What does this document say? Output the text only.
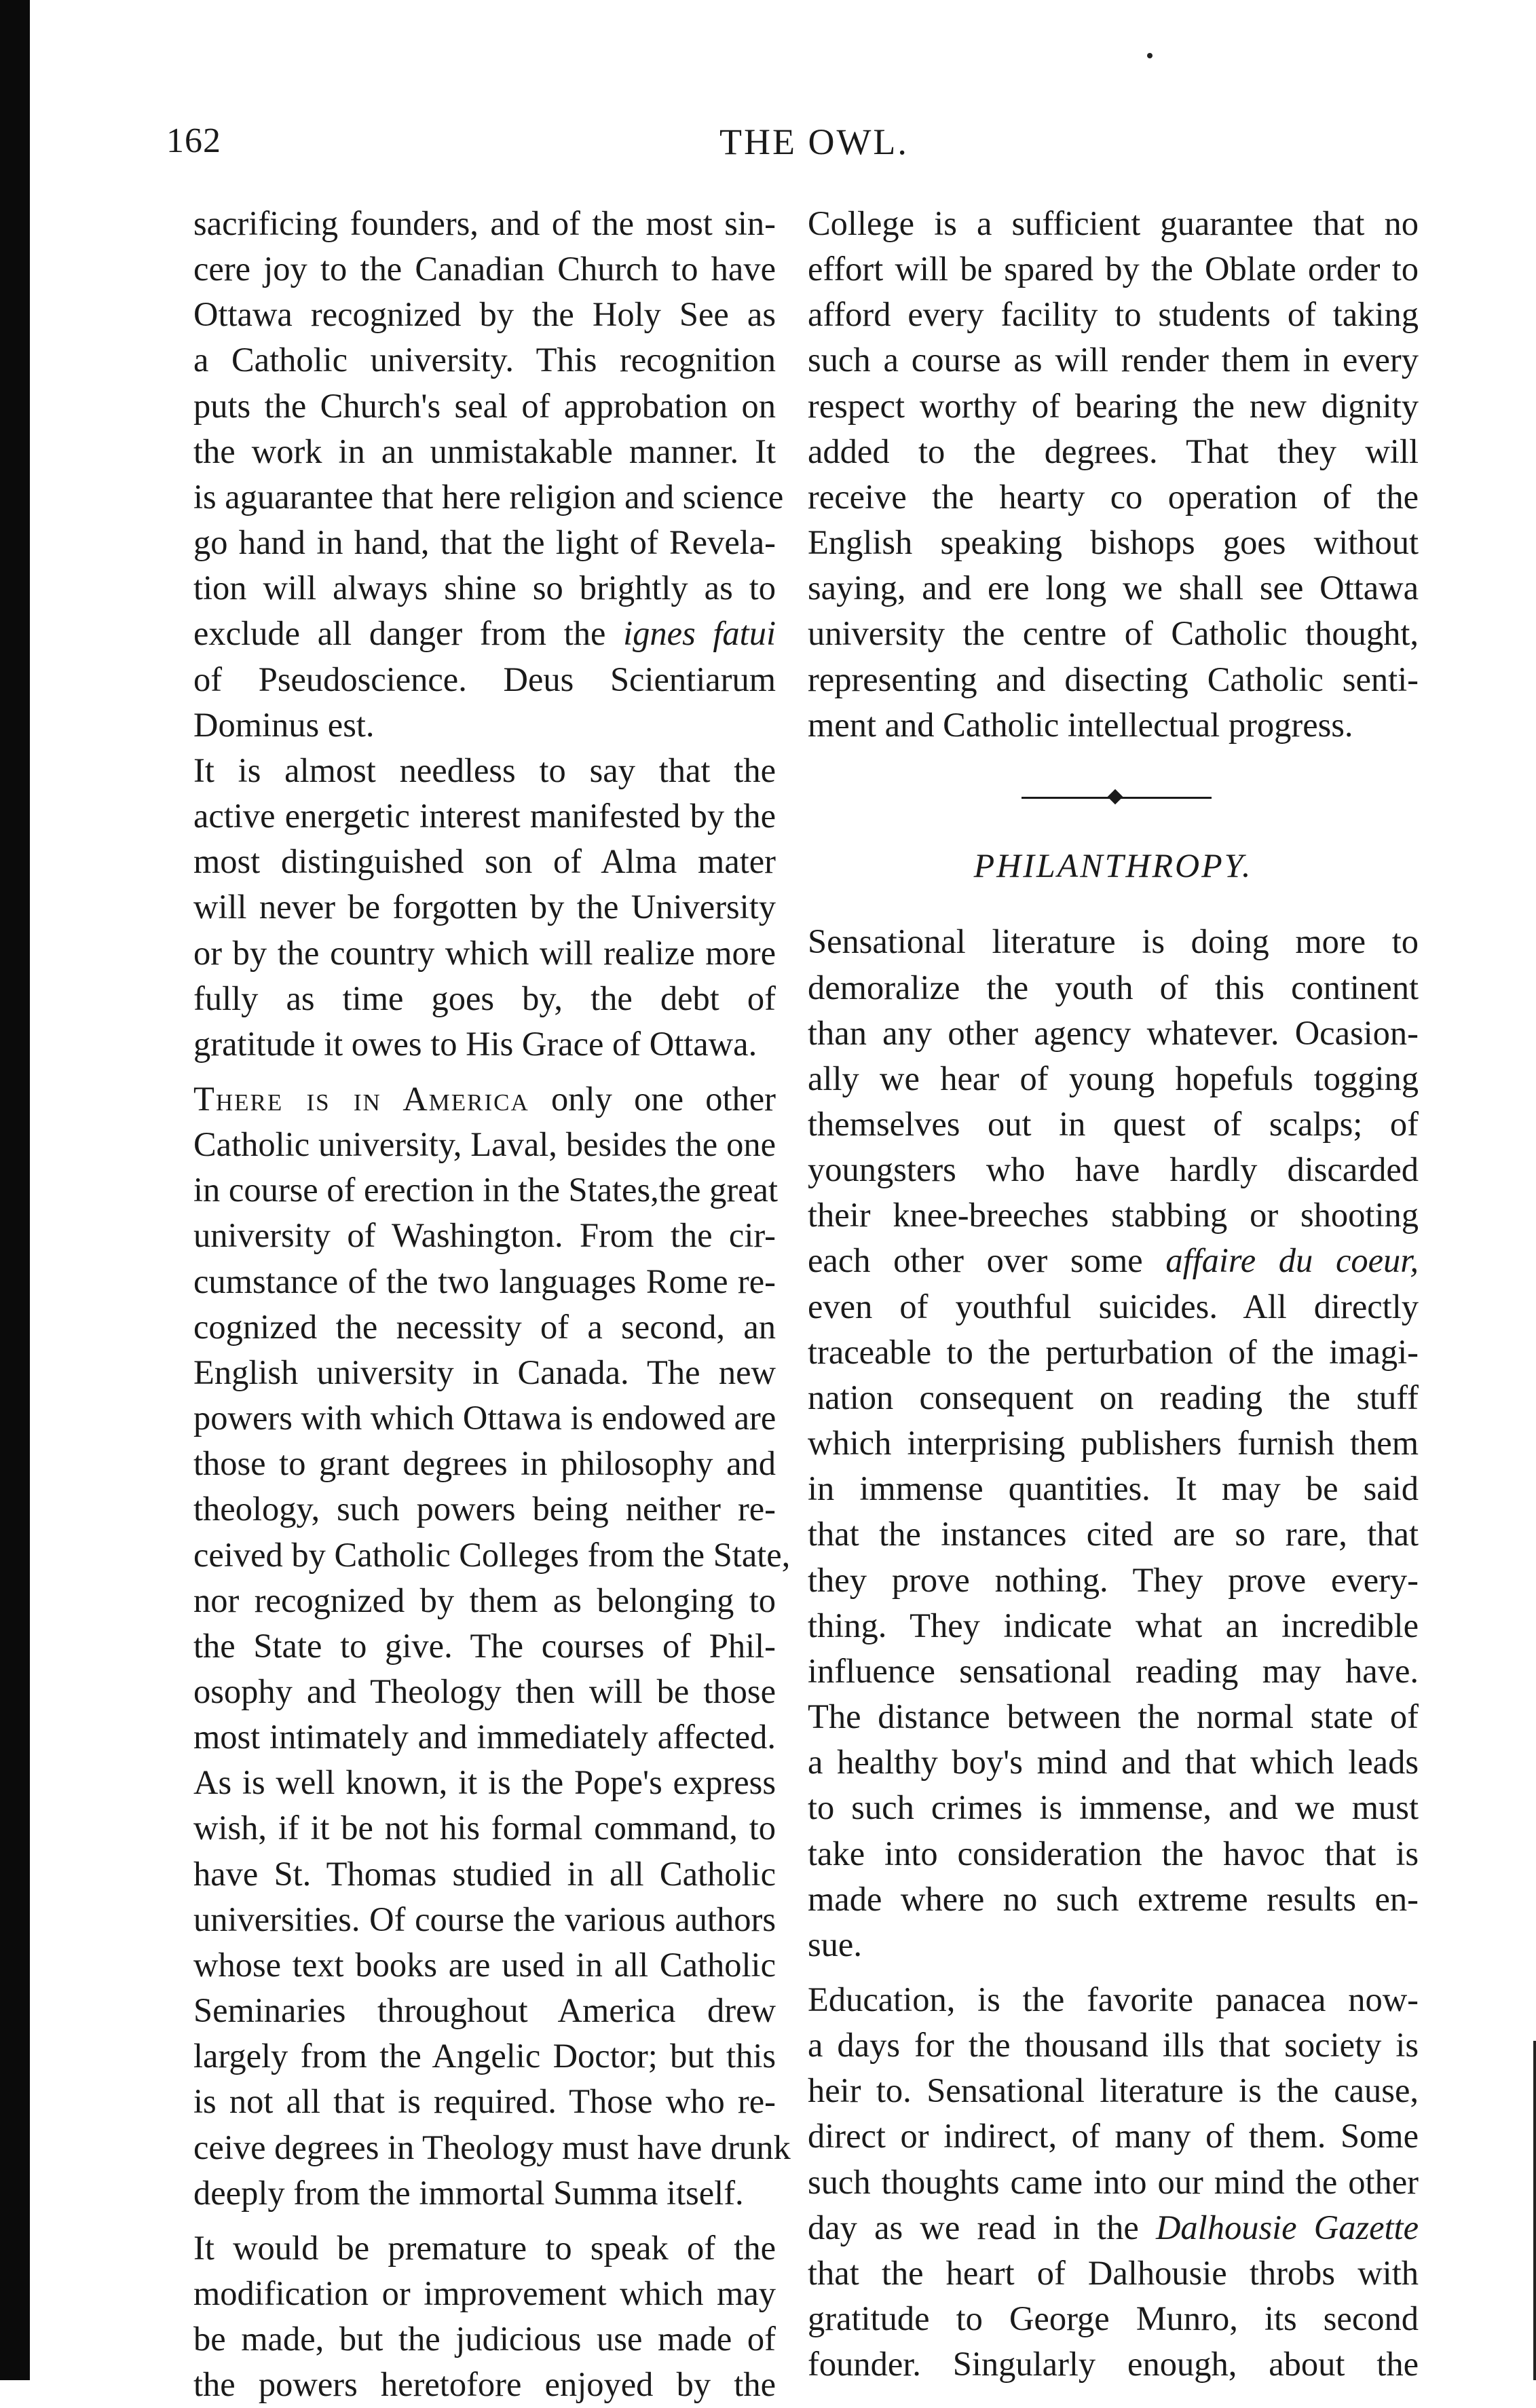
162	THE OWL.
sacrificing founders, and of the most sin-
cere joy to the Canadian Church to have
Ottawa recognized by the Holy See as
a Catholic university. This recognition
puts the Church's seal of approbation on
the work in an unmistakable manner. It
is aguarantee that here religion and science
go hand in hand, that the light of Revela-
tion will always shine so brightly as to
exclude all danger from the ignes fatui
of Pseudoscience. Deus Scientiarum
Dominus est.
It is almost needless to say that the
active energetic interest manifested by the
most distinguished son of Alma mater
will never be forgotten by the University
or by the country which will realize more
fully as time goes by, the debt of
gratitude it owes to His Grace of Ottawa.
There is in America only one other
Catholic university, Laval, besides the one
in course of erection in the States,the great
university of Washington. From the cir-
cumstance of the two languages Rome re-
cognized the necessity of a second, an
English university in Canada. The new
powers with which Ottawa is endowed are
those to grant degrees in philosophy and
theology, such powers being neither re-
ceived by Catholic Colleges from the State,
nor recognized by them as belonging to
the State to give. The courses of Phil-
osophy and Theology then will be those
most intimately and immediately affected.
As is well known, it is the Pope's express
wish, if it be not his formal command, to
have St. Thomas studied in all Catholic
universities. Of course the various authors
whose text books are used in all Catholic
Seminaries throughout America drew
largely from the Angelic Doctor; but this
is not all that is required. Those who re-
ceive degrees in Theology must have drunk
deeply from the immortal Summa itself.
It would be premature to speak of the
modification or improvement which may
be made, but the judicious use made of
the powers heretofore enjoyed by the
College is a sufficient guarantee that no
effort will be spared by the Oblate order to
afford every facility to students of taking
such a course as will render them in every
respect worthy of bearing the new dignity
added to the degrees. That they will
receive the hearty co operation of the
English speaking bishops goes without
saying, and ere long we shall see Ottawa
university the centre of Catholic thought,
representing and disecting Catholic senti-
ment and Catholic intellectual progress.
PHILANTHROPY.
Sensational literature is doing more to
demoralize the youth of this continent
than any other agency whatever. Ocasion-
ally we hear of young hopefuls togging
themselves out in quest of scalps; of
youngsters who have hardly discarded
their knee-breeches stabbing or shooting
each other over some affaire du coeur,
even of youthful suicides. All directly
traceable to the perturbation of the imagi-
nation consequent on reading the stuff
which interprising publishers furnish them
in immense quantities. It may be said
that the instances cited are so rare, that
they prove nothing. They prove every-
thing. They indicate what an incredible
influence sensational reading may have.
The distance between the normal state of
a healthy boy's mind and that which leads
to such crimes is immense, and we must
take into consideration the havoc that is
made where no such extreme results en-
sue.
Education, is the favorite panacea now-
a days for the thousand ills that society is
heir to. Sensational literature is the cause,
direct or indirect, of many of them. Some
such thoughts came into our mind the other
day as we read in the Dalhousie Gazette
that the heart of Dalhousie throbs with
gratitude to George Munro, its second
founder. Singularly enough, about the
